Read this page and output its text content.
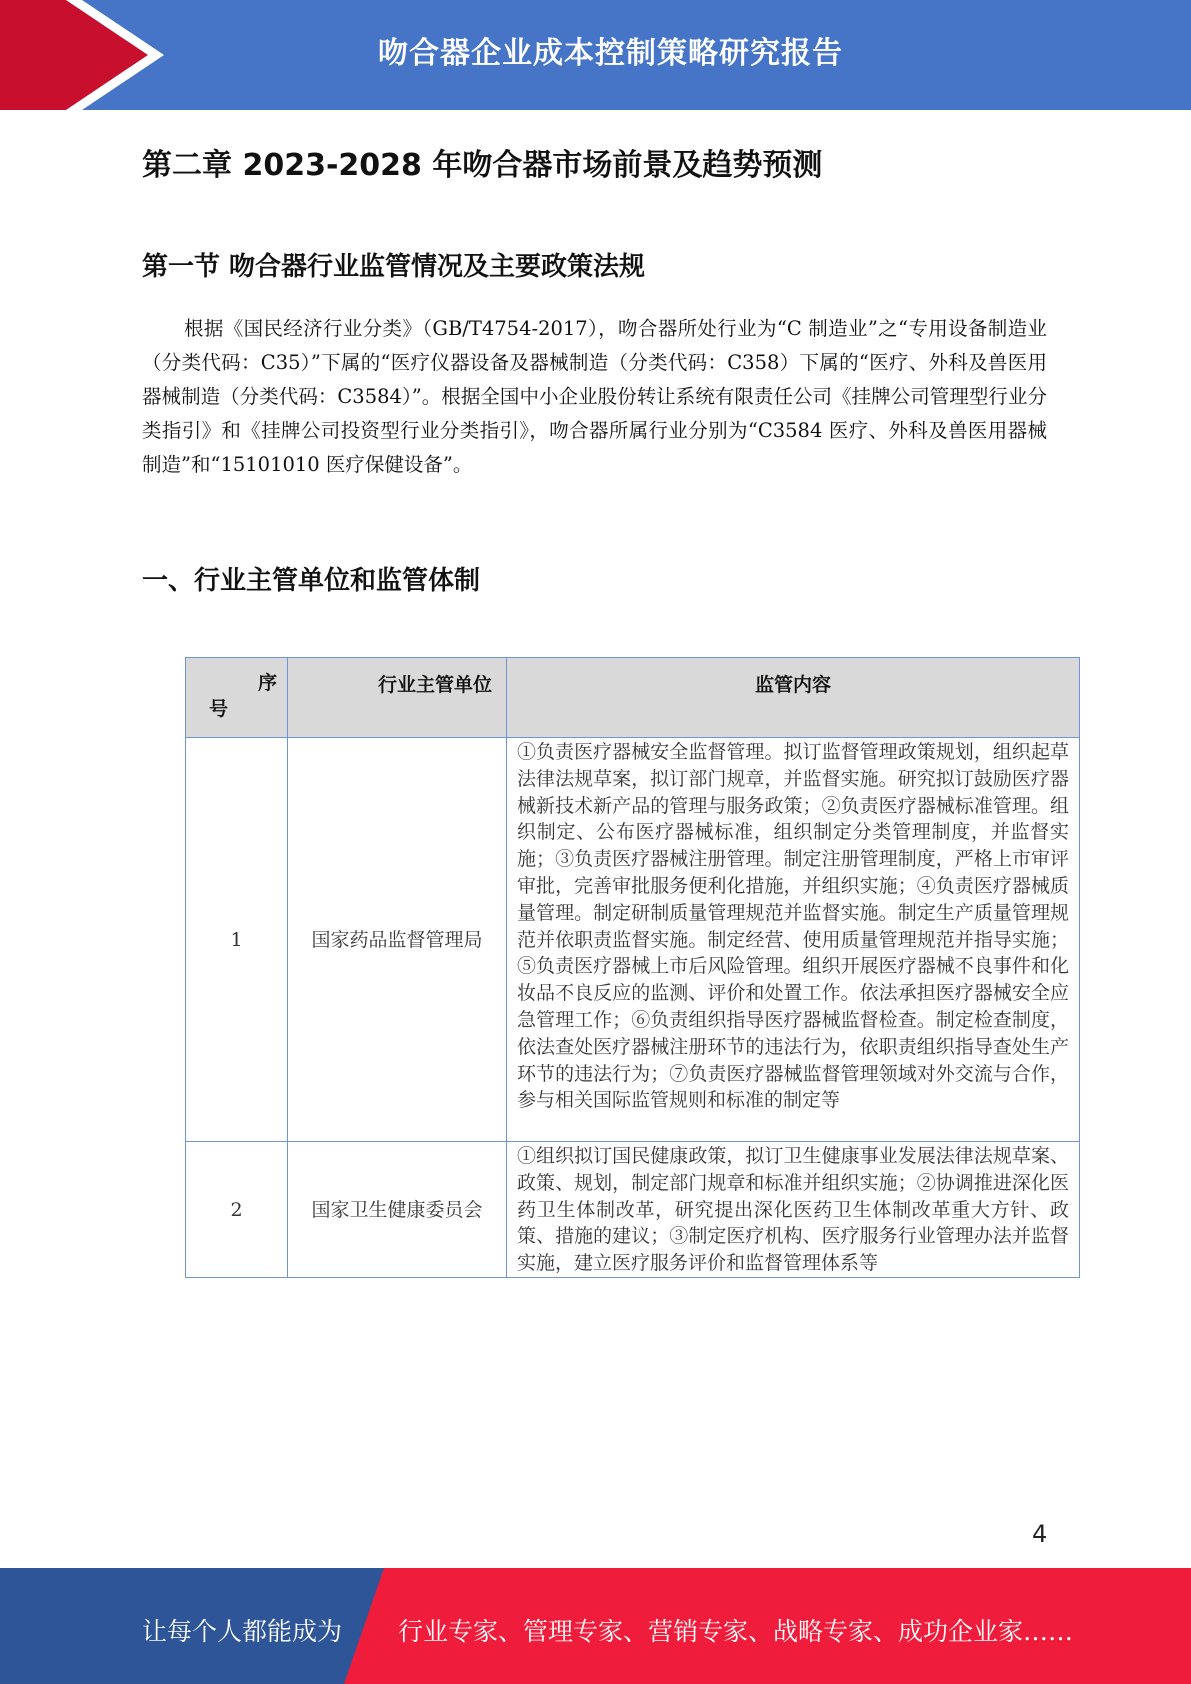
吻合器企业成本控制策略研究报告
第二章 2023-2028 年吻合器市场前景及趋势预测
第一节 吻合器行业监管情况及主要政策法规

根据《国民经济行业分类》（GB/T4754-2017），吻合器所处行业为“C 制造业”之“专用设备制造业（分类代码：C35）”下属的“医疗仪器设备及器械制造（分类代码：C358）下属的“医疗、外科及兽医用器械制造（分类代码：C3584）”。根据全国中小企业股份转让系统有限责任公司《挂牌公司管理型行业分类指引》和《挂牌公司投资型行业分类指引》，吻合器所属行业分别为“C3584 医疗、外科及兽医用器械制造”和“15101010 医疗保健设备”。

一、行业主管单位和监管体制
序
号	行业主管单位	监管内容
1	国家药品监督管理局	①负责医疗器械安全监督管理。拟订监督管理政策规划，组织起草法律法规草案，拟订部门规章，并监督实施。研究拟订鼓励医疗器械新技术新产品的管理与服务政策；②负责医疗器械标准管理。组织制定、公布医疗器械标准，组织制定分类管理制度，并监督实施；③负责医疗器械注册管理。制定注册管理制度，严格上市审评审批，完善审批服务便利化措施，并组织实施；④负责医疗器械质量管理。制定研制质量管理规范并监督实施。制定生产质量管理规范并依职责监督实施。制定经营、使用质量管理规范并指导实施；⑤负责医疗器械上市后风险管理。组织开展医疗器械不良事件和化妆品不良反应的监测、评价和处置工作。依法承担医疗器械安全应急管理工作；⑥负责组织指导医疗器械监督检查。制定检查制度，依法查处医疗器械注册环节的违法行为，依职责组织指导查处生产环节的违法行为；⑦负责医疗器械监督管理领域对外交流与合作，参与相关国际监管规则和标准的制定等
2	国家卫生健康委员会	①组织拟订国民健康政策，拟订卫生健康事业发展法律法规草案、政策、规划，制定部门规章和标准并组织实施；②协调推进深化医药卫生体制改革，研究提出深化医药卫生体制改革重大方针、政策、措施的建议；③制定医疗机构、医疗服务行业管理办法并监督实施，建立医疗服务评价和监督管理体系等
4
让每个人都能成为 行业专家、管理专家、营销专家、战略专家、成功企业家……
